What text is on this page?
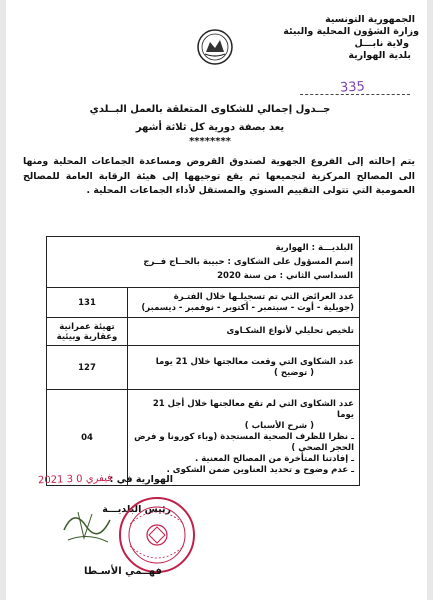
الجمهورية التونسية
وزارة الشؤون المحلية والبيئة
ولاية نابـــل
بلدية الهوارية
335
جــدول إجمالي للشكاوى المتعلقة بالعمل البــلدي
يعد بصفة دورية كل ثلاثة أشهر
********
يتم إحالته إلى الفروع الجهوية لصندوق القروض ومساعدة الجماعات المحلية ومنها الى المصالح المركزية لتجميعها ثم يقع توجيهها إلى هيئة الرقابة العامة للمصالح العمومية التي تتولى التقييم السنوي والمستقل لأداء الجماعات المحلية .
البلديـــة : الهوارية
إسم المسؤول على الشكاوى : حبيبة بالحــاج فــرج
السداسي الثاني : من سنة 2020	

131	عدد العرائض التي تم تسجيلـها خلال الفتـرة
(جويلية - أوت - سبتمبر - أكتوبر - نوفمبر - ديسمبر)

تهيئة عمرانية وعقارية وبيئية	تلخيص تحليلي لأنواع الشكـاوى
127	عدد الشكاوى التي وقعت معالجتها خلال 21 يوما
( توضيح )

04	عدد الشكاوى التي لم تقع معالجتها خلال أجل 21 يوما
( شرح الأسباب )
ـ نظرا للظرف الصحية المستجدة (وباء كورونا و فرض الحجر الصحي )
ـ إفادتنا المتأخرة من المصالح المعنية .
ـ عدم وضوح و تحديد العناوين ضمن الشكوى .
الهوارية في :
2021 فيفري 0 3
رئيس البلديـــة
فهــمي الأسـطا
